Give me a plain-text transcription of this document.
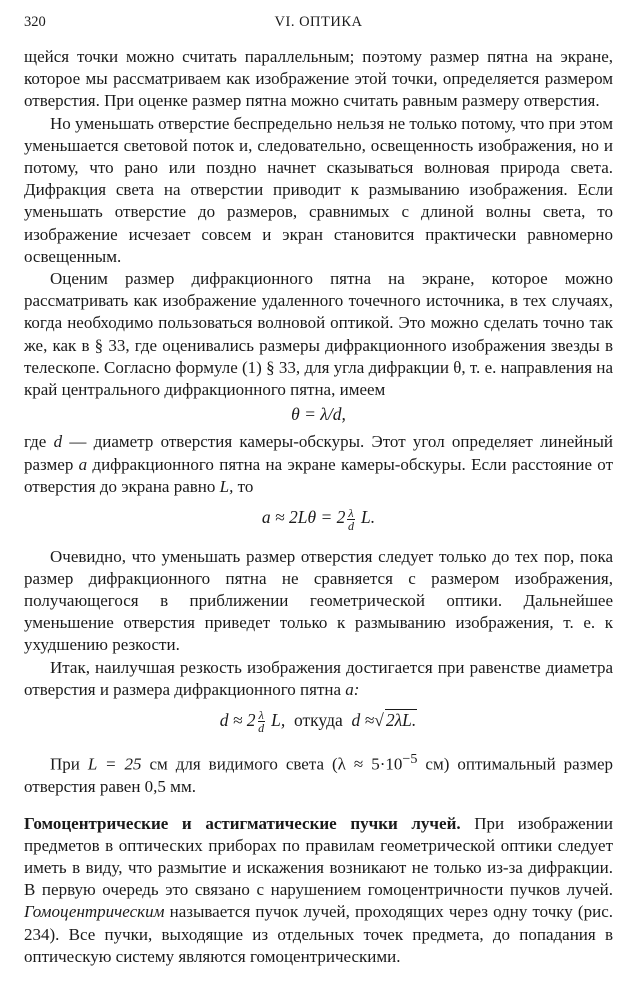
320	VI. ОПТИКА

щейся точки можно считать параллельным; поэтому размер пятна на экране, которое мы рассматриваем как изображение этой точки, определяется размером отверстия. При оценке размер пятна можно считать равным размеру отверстия.

Но уменьшать отверстие беспредельно нельзя не только потому, что при этом уменьшается световой поток и, следовательно, освещенность изображения, но и потому, что рано или поздно начнет сказываться волновая природа света. Дифракция света на отверстии приводит к размыванию изображения. Если уменьшать отверстие до размеров, сравнимых с длиной волны света, то изображение исчезает совсем и экран становится практически равномерно освещенным.

Оценим размер дифракционного пятна на экране, которое можно рассматривать как изображение удаленного точечного источника, в тех случаях, когда необходимо пользоваться волновой оптикой. Это можно сделать точно так же, как в § 33, где оценивались размеры дифракционного изображения звезды в телескопе. Согласно формуле (1) § 33, для угла дифракции θ, т. е. направления на край центрального дифракционного пятна, имеем

θ = λ/d,

где d — диаметр отверстия камеры-обскуры. Этот угол определяет линейный размер a дифракционного пятна на экране камеры-обскуры. Если расстояние от отверстия до экрана равно L, то

$a \approx 2L\theta = 2 \frac{\lambda}{d} L$.

Очевидно, что уменьшать размер отверстия следует только до тех пор, пока размер дифракционного пятна не сравняется с размером изображения, получающегося в приближении геометрической оптики. Дальнейшее уменьшение отверстия приведет только к размыванию изображения, т. е. к ухудшению резкости.

Итак, наилучшая резкость изображения достигается при равенстве диаметра отверстия и размера дифракционного пятна a:

$d \approx 2 \frac{\lambda}{d} L$, откуда d ≈√ 2λL.

При L = 25 см для видимого света ($\lambda \approx 5\cdot 10^{-5}$ см) оптимальный размер отверстия равен 0,5 мм.

Гомоцентрические и астигматические пучки лучей. При изображении предметов в оптических приборах по правилам геометрической оптики следует иметь в виду, что размытие и искажения возникают не только из-за дифракции. В первую очередь это связано с нарушением гомоцентричности пучков лучей. Гомоцентрическим называется пучок лучей, проходящих через одну точку (рис. 234). Все пучки, выходящие из отдельных точек предмета, до попадания в оптическую систему являются гомоцентрическими.
